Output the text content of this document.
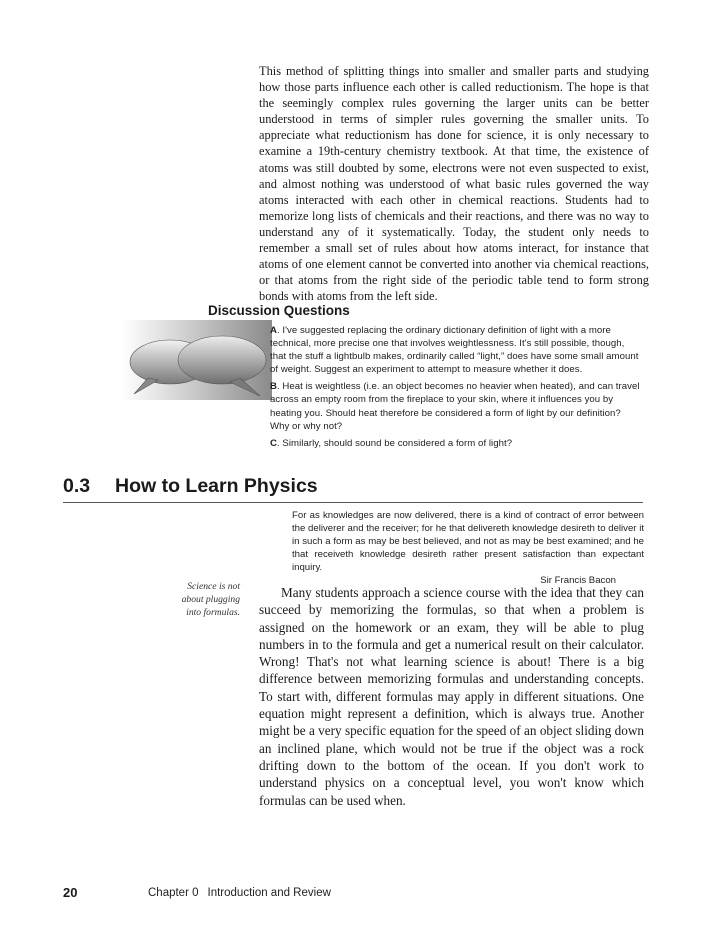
This method of splitting things into smaller and smaller parts and studying how those parts influence each other is called reductionism. The hope is that the seemingly complex rules governing the larger units can be better understood in terms of simpler rules governing the smaller units. To appreciate what reductionism has done for science, it is only necessary to examine a 19th-century chemistry textbook. At that time, the existence of atoms was still doubted by some, electrons were not even suspected to exist, and almost nothing was understood of what basic rules governed the way atoms interacted with each other in chemical reactions. Students had to memorize long lists of chemicals and their reactions, and there was no way to understand any of it systematically. Today, the student only needs to remember a small set of rules about how atoms interact, for instance that atoms of one element cannot be converted into another via chemical reactions, or that atoms from the right side of the periodic table tend to form strong bonds with atoms from the left side.
Discussion Questions
A. I've suggested replacing the ordinary dictionary definition of light with a more technical, more precise one that involves weightlessness. It's still possible, though, that the stuff a lightbulb makes, ordinarily called “light,” does have some small amount of weight. Suggest an experiment to attempt to measure whether it does.
B. Heat is weightless (i.e. an object becomes no heavier when heated), and can travel across an empty room from the fireplace to your skin, where it influences you by heating you. Should heat therefore be considered a form of light by our definition? Why or why not?
C. Similarly, should sound be considered a form of light?
0.3 How to Learn Physics
For as knowledges are now delivered, there is a kind of contract of error between the deliverer and the receiver; for he that delivereth knowledge desireth to deliver it in such a form as may be best believed, and not as may be best examined; and he that receiveth knowledge desireth rather present satisfaction than expectant inquiry.
Sir Francis Bacon
Science is not about plugging into formulas.
Many students approach a science course with the idea that they can succeed by memorizing the formulas, so that when a problem is assigned on the homework or an exam, they will be able to plug numbers in to the formula and get a numerical result on their calculator. Wrong! That's not what learning science is about! There is a big difference between memorizing formulas and understanding concepts. To start with, different formulas may apply in different situations. One equation might represent a definition, which is always true. Another might be a very specific equation for the speed of an object sliding down an inclined plane, which would not be true if the object was a rock drifting down to the bottom of the ocean. If you don't work to understand physics on a conceptual level, you won't know which formulas can be used when.
20	Chapter 0 Introduction and Review
